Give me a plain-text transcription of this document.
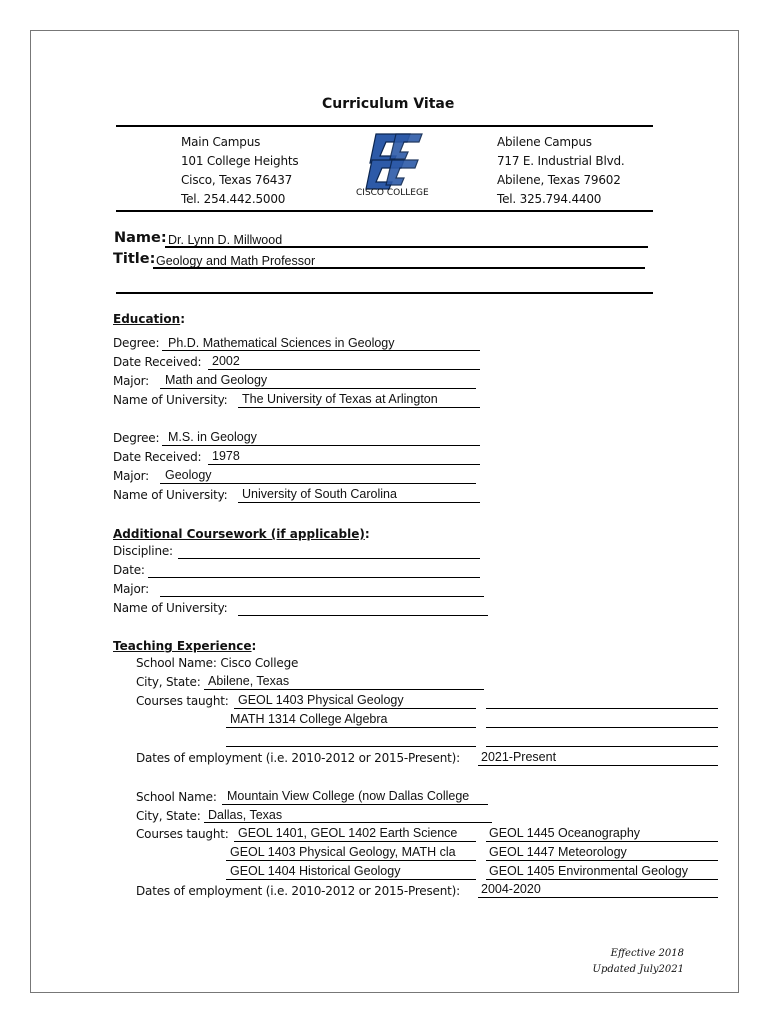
Curriculum Vitae
Main Campus
101 College Heights
Cisco, Texas 76437
Tel. 254.442.5000	CISCO COLLEGE
Abilene Campus
717 E. Industrial Blvd.
Abilene, Texas 79602
Tel. 325.794.4400
Name: Dr. Lynn D. Millwood
Title: Geology and Math Professor
Education:
Degree: Ph.D. Mathematical Sciences in Geology
Date Received: 2002
Major: Math and Geology
Name of University: The University of Texas at Arlington
Degree: M.S. in Geology
Date Received: 1978
Major: Geology
Name of University: University of South Carolina
Additional Coursework (if applicable):
Discipline:
Date:
Major:
Name of University:
Teaching Experience:
School Name: Cisco College
City, State: Abilene, Texas
Courses taught: GEOL 1403 Physical Geology
MATH 1314 College Algebra
Dates of employment (i.e. 2010-2012 or 2015-Present): 2021-Present
School Name: Mountain View College (now Dallas College
City, State: Dallas, Texas
Courses taught: GEOL 1401, GEOL 1402 Earth Science	GEOL 1445 Oceanography
GEOL 1403 Physical Geology, MATH cla	GEOL 1447 Meteorology
GEOL 1404 Historical Geology	GEOL 1405 Environmental Geology
Dates of employment (i.e. 2010-2012 or 2015-Present): 2004-2020
Effective 2018
Updated July2021
